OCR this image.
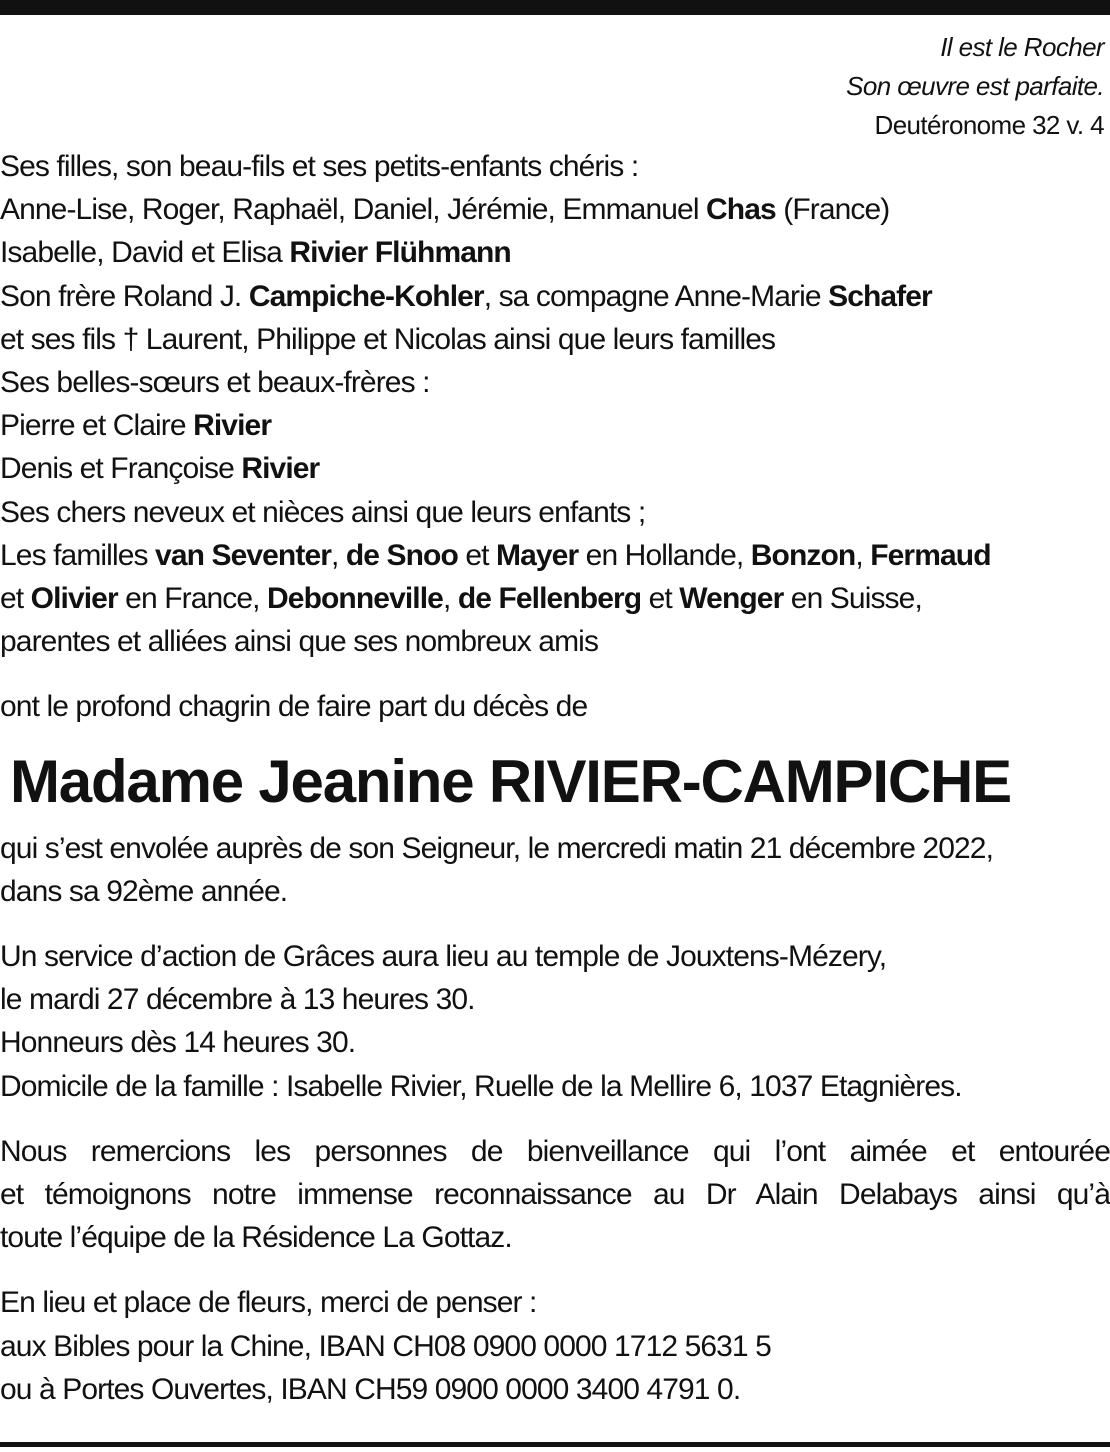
Il est le Rocher
Son œuvre est parfaite.
Deutéronome 32 v. 4
Ses filles, son beau-fils et ses petits-enfants chéris :
Anne-Lise, Roger, Raphaël, Daniel, Jérémie, Emmanuel Chas (France)
Isabelle, David et Elisa Rivier Flühmann
Son frère Roland J. Campiche-Kohler, sa compagne Anne-Marie Schafer
et ses fils † Laurent, Philippe et Nicolas ainsi que leurs familles
Ses belles-sœurs et beaux-frères :
Pierre et Claire Rivier
Denis et Françoise Rivier
Ses chers neveux et nièces ainsi que leurs enfants ;
Les familles van Seventer, de Snoo et Mayer en Hollande, Bonzon, Fermaud
et Olivier en France, Debonneville, de Fellenberg et Wenger en Suisse,
parentes et alliées ainsi que ses nombreux amis
ont le profond chagrin de faire part du décès de
Madame Jeanine RIVIER-CAMPICHE
qui s’est envolée auprès de son Seigneur, le mercredi matin 21 décembre 2022,
dans sa 92ème année.
Un service d’action de Grâces aura lieu au temple de Jouxtens-Mézery,
le mardi 27 décembre à 13 heures 30.
Honneurs dès 14 heures 30.
Domicile de la famille : Isabelle Rivier, Ruelle de la Mellire 6, 1037 Etagnières.
Nous remercions les personnes de bienveillance qui l’ont aimée et entourée
et témoignons notre immense reconnaissance au Dr Alain Delabays ainsi qu’à
toute l’équipe de la Résidence La Gottaz.
En lieu et place de fleurs, merci de penser :
aux Bibles pour la Chine, IBAN CH08 0900 0000 1712 5631 5
ou à Portes Ouvertes, IBAN CH59 0900 0000 3400 4791 0.
